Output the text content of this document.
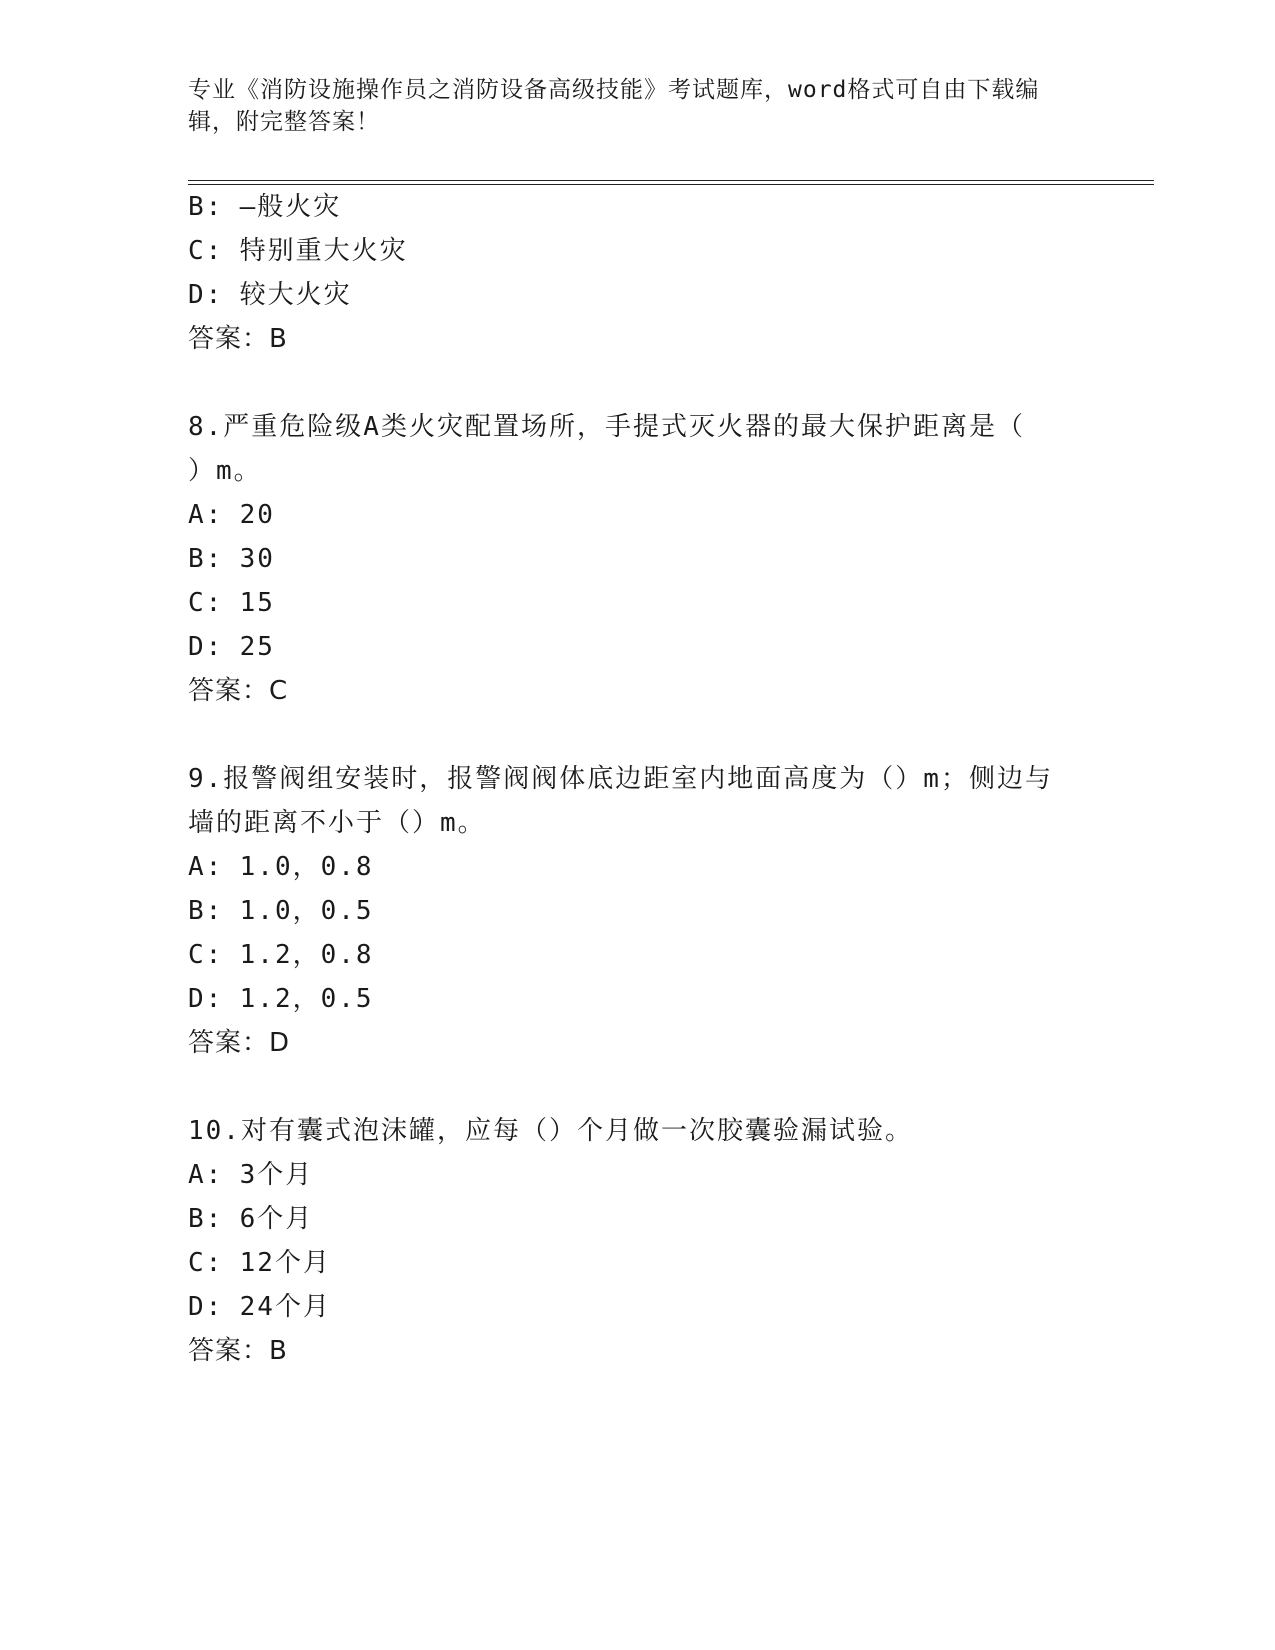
专业《消防设施操作员之消防设备高级技能》考试题库，word格式可自由下载编
辑，附完整答案！
B: —般火灾
C: 特别重大火灾
D: 较大火灾
答案：B
8.严重危险级A类火灾配置场所，手提式灭火器的最大保护距离是（
）m。
A: 20
B: 30
C: 15
D: 25
答案：C
9.报警阀组安装时，报警阀阀体底边距室内地面高度为（）m；侧边与
墙的距离不小于（）m。
A: 1.0，0.8
B: 1.0，0.5
C: 1.2，0.8
D: 1.2，0.5
答案：D
10.对有囊式泡沫罐，应每（）个月做一次胶囊验漏试验。
A: 3个月
B: 6个月
C: 12个月
D: 24个月
答案：B
